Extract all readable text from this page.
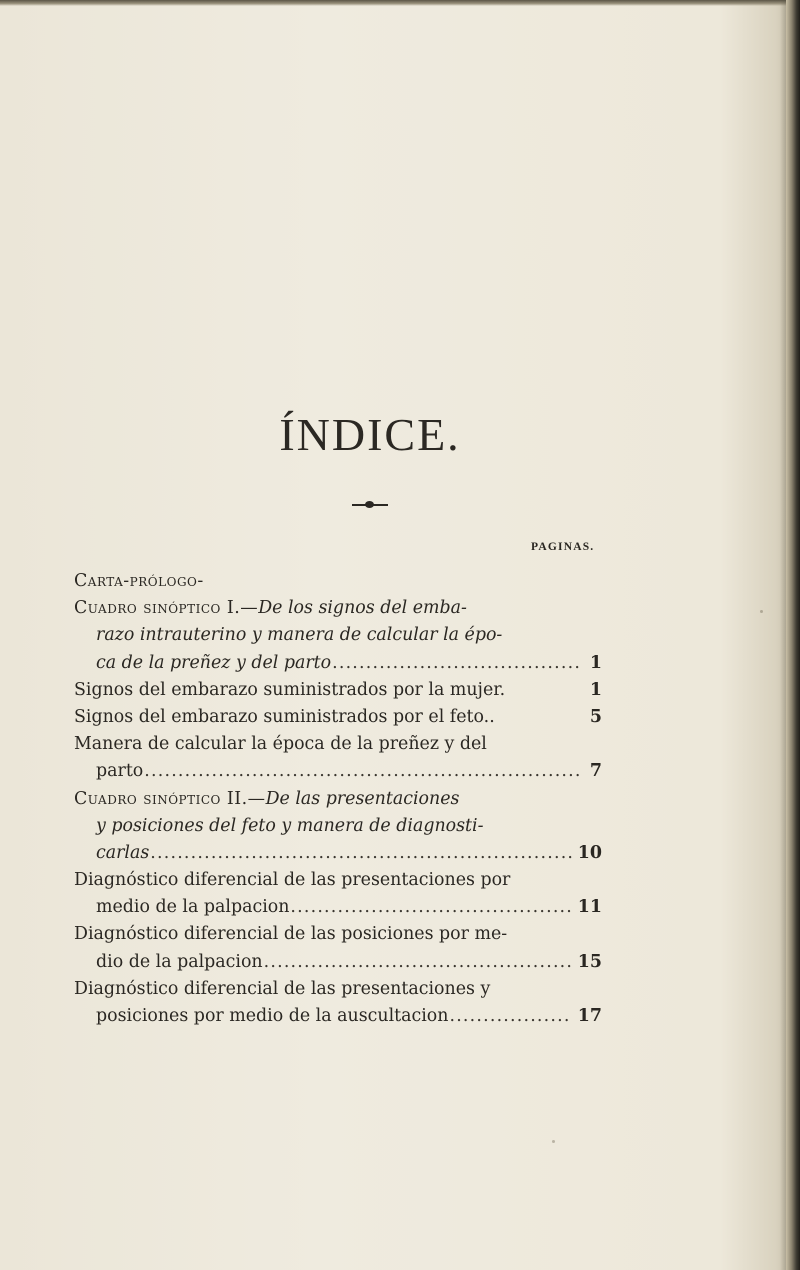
ÍNDICE.
PAGINAS.
Carta-prólogo-
Cuadro sinóptico I.—De los signos del emba-
razo intrauterino y manera de calcular la épo-
ca de la preñez y del parto .....	1
Signos del embarazo suministrados por la mujer.	1
Signos del embarazo suministrados por el feto..	5
Manera de calcular la época de la preñez y del
parto .....	7
Cuadro sinóptico II.—De las presentaciones
y posiciones del feto y manera de diagnosti-
carlas .....	10
Diagnóstico diferencial de las presentaciones por
medio de la palpacion .....	11
Diagnóstico diferencial de las posiciones por me-
dio de la palpacion .....	15
Diagnóstico diferencial de las presentaciones y
posiciones por medio de la auscultacion .....	17
